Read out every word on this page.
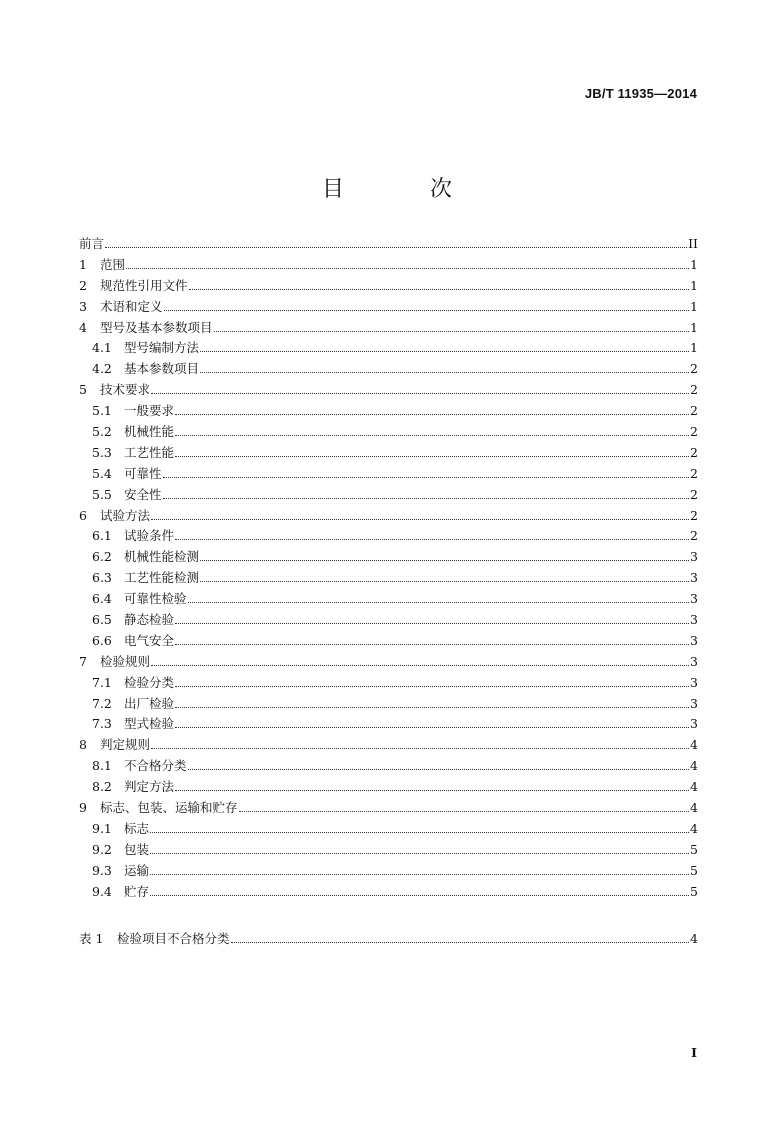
JB/T 11935—2014
目　次
前言	II
1	范围	1
2	规范性引用文件	1
3	术语和定义	1
4	型号及基本参数项目	1
4.1 型号编制方法	1
4.2 基本参数项目	2
5	技术要求	2
5.1 一般要求	2
5.2 机械性能	2
5.3 工艺性能	2
5.4 可靠性	2
5.5 安全性	2
6	试验方法	2
6.1 试验条件	2
6.2 机械性能检测	3
6.3 工艺性能检测	3
6.4 可靠性检验	3
6.5 静态检验	3
6.6 电气安全	3
7	检验规则	3
7.1 检验分类	3
7.2 出厂检验	3
7.3 型式检验	3
8	判定规则	4
8.1 不合格分类	4
8.2 判定方法	4
9	标志、包装、运输和贮存	4
9.1 标志	4
9.2 包装	5
9.3 运输	5
9.4 贮存	5
表 1	检验项目不合格分类	4
I
